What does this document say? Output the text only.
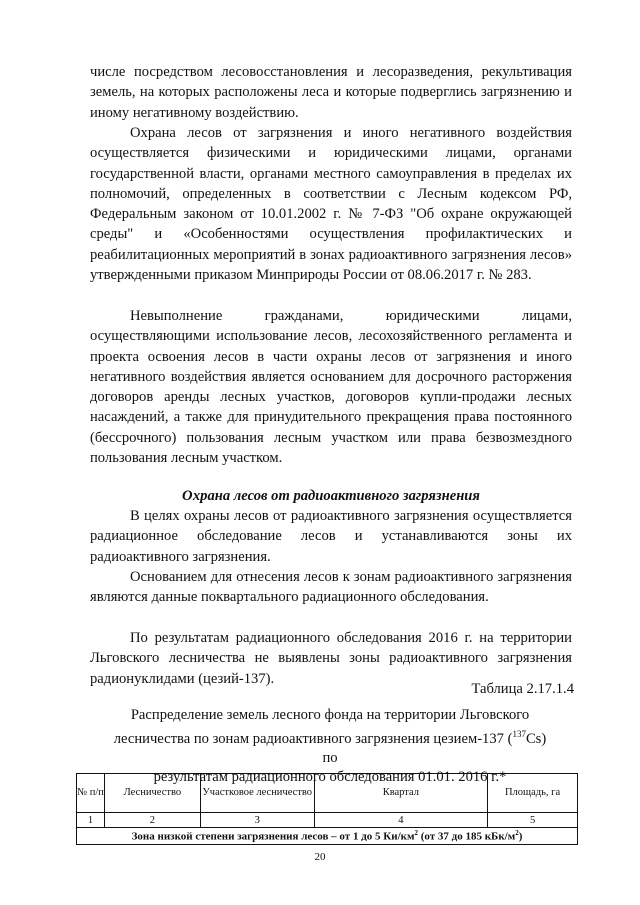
числе посредством лесовосстановления и лесоразведения, рекультивация земель, на которых расположены леса и которые подверглись загрязнению и иному негативному воздействию.

Охрана лесов от загрязнения и иного негативного воздействия осуществляется физическими и юридическими лицами, органами государственной власти, органами местного самоуправления в пределах их полномочий, определенных в соответствии с Лесным кодексом РФ, Федеральным законом от 10.01.2002 г. № 7-ФЗ "Об охране окружающей среды" и «Особенностями осуществления профилактических и реабилитационных мероприятий в зонах радиоактивного загрязнения лесов» утвержденными приказом Минприроды России от 08.06.2017 г. № 283.

Невыполнение гражданами, юридическими лицами, осуществляющими использование лесов, лесохозяйственного регламента и проекта освоения лесов в части охраны лесов от загрязнения и иного негативного воздействия является основанием для досрочного расторжения договоров аренды лесных участков, договоров купли-продажи лесных насаждений, а также для принудительного прекращения права постоянного (бессрочного) пользования лесным участком или права безвозмездного пользования лесным участком.

Охрана лесов от радиоактивного загрязнения

В целях охраны лесов от радиоактивного загрязнения осуществляется радиационное обследование лесов и устанавливаются зоны их радиоактивного загрязнения.

Основанием для отнесения лесов к зонам радиоактивного загрязнения являются данные поквартального радиационного обследования.

По результатам радиационного обследования 2016 г. на территории Льговского лесничества не выявлены зоны радиоактивного загрязнения радионуклидами (цезий-137).

Таблица 2.17.1.4

Распределение земель лесного фонда на территории Льговского
лесничества по зонам радиоактивного загрязнения цезием-137 ($^{137}$Cs) по
результатам радиационного обследования 01.01. 2016 г.*
№ п/п	Лесничество	Участковое лесничество	Квартал	Площадь, га
1	2	3	4	5
Зона низкой степени загрязнения лесов – от 1 до 5 $Ки/км^2$ (от 37 до 185 кБк/$м^2$)				
20
